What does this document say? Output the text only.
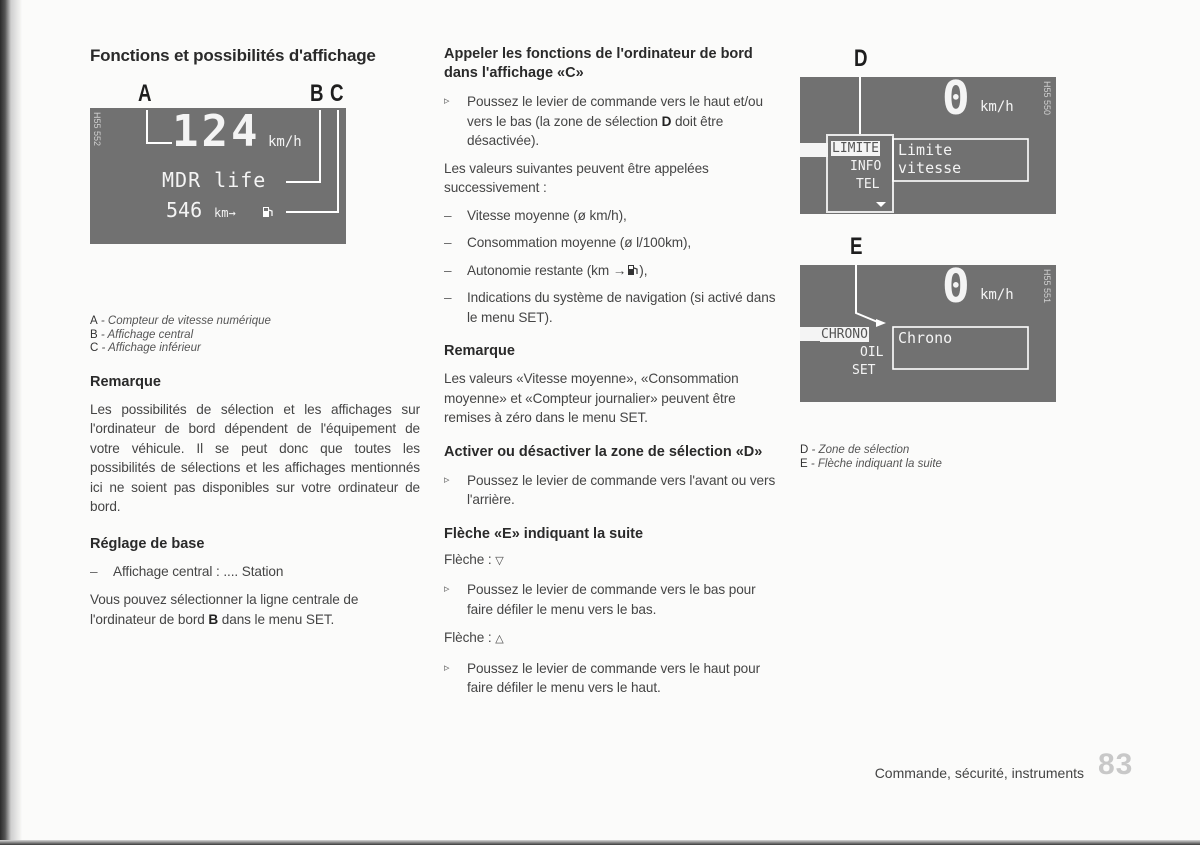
Fonctions et possibilités d'affichage
A	B C
H55 552 124 km/h
MDR life
546 km→
A - Compteur de vitesse numérique
B - Affichage central
C - Affichage inférieur
Remarque

Les possibilités de sélection et les affichages sur l'ordinateur de bord dépendent de l'équipement de votre véhicule. Il se peut donc que toutes les possibilités de sélections et les affichages mentionnés ici ne soient pas disponibles sur votre ordinateur de bord.

Réglage de base

– Affichage central : .... Station

Vous pouvez sélectionner la ligne centrale de l'ordinateur de bord B dans le menu SET.

Appeler les fonctions de l'ordinateur de bord dans l'affichage «C»

▹ Poussez le levier de commande vers le haut et/ou vers le bas (la zone de sélection D doit être désactivée).

Les valeurs suivantes peuvent être appelées successivement :

– Vitesse moyenne (ø km/h),

– Consommation moyenne (ø l/100km),

– Autonomie restante (km → ),

– Indications du système de navigation (si activé dans le menu SET).

Remarque

Les valeurs «Vitesse moyenne», «Consommation moyenne» et «Compteur journalier» peuvent être remises à zéro dans le menu SET.

Activer ou désactiver la zone de sélection «D»

▹ Poussez le levier de commande vers l'avant ou vers l'arrière.

Flèche «E» indiquant la suite

Flèche : ▽

▹ Poussez le levier de commande vers le bas pour faire défiler le menu vers le bas.

Flèche : △

▹ Poussez le levier de commande vers le haut pour faire défiler le menu vers le haut.

D
H55 550
0 km/h
LIMITE
INFO
TEL
Limite
vitesse
E
H55 551
0 km/h
CHRONO
OIL
SET
Chrono
D - Zone de sélection
E - Flèche indiquant la suite
Commande, sécurité, instruments 83
